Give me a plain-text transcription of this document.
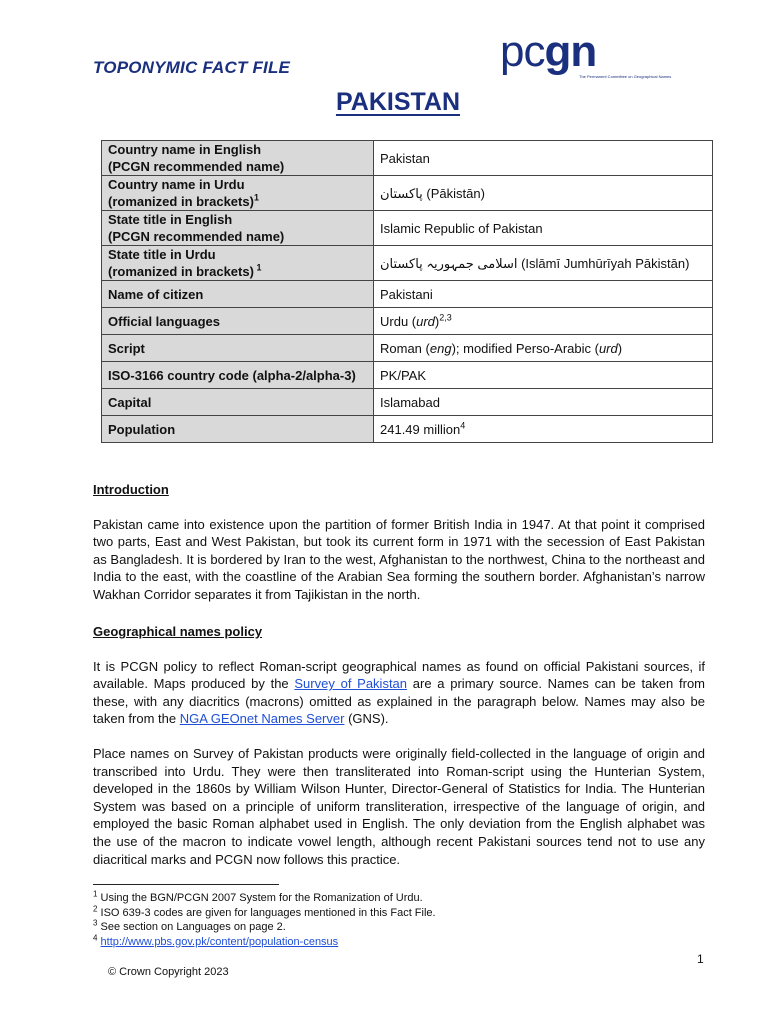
TOPONYMIC FACT FILE	pcgn
The Permanent Committee on Geographical Names
PAKISTAN
Country name in English
(PCGN recommended name)	Pakistan
Country name in Urdu
(romanized in brackets)$^1$	پاکستان (Pākistān)
State title in English
(PCGN recommended name)	Islamic Republic of Pakistan
State title in Urdu
(romanized in brackets) $^1$	اسلامی جمہوریہ پاکستان (Islāmī Jumhūrīyah Pākistān)
Name of citizen	Pakistani
Official languages	Urdu (urd)$^{2,3}$
Script	Roman (eng); modified Perso-Arabic (urd)
ISO-3166 country code (alpha-2/alpha-3)	PK/PAK
Capital	Islamabad
Population	241.49 million$^4$
Introduction

Pakistan came into existence upon the partition of former British India in 1947. At that point it comprised two parts, East and West Pakistan, but took its current form in 1971 with the secession of East Pakistan as Bangladesh. It is bordered by Iran to the west, Afghanistan to the northwest, China to the northeast and India to the east, with the coastline of the Arabian Sea forming the southern border. Afghanistan’s narrow Wakhan Corridor separates it from Tajikistan in the north.

Geographical names policy

It is PCGN policy to reflect Roman-script geographical names as found on official Pakistani sources, if available. Maps produced by the Survey of Pakistan are a primary source. Names can be taken from these, with any diacritics (macrons) omitted as explained in the paragraph below. Names may also be taken from the NGA GEOnet Names Server (GNS).

Place names on Survey of Pakistan products were originally field-collected in the language of origin and transcribed into Urdu. They were then transliterated into Roman-script using the Hunterian System, developed in the 1860s by William Wilson Hunter, Director-General of Statistics for India. The Hunterian System was based on a principle of uniform transliteration, irrespective of the language of origin, and employed the basic Roman alphabet used in English. The only deviation from the English alphabet was the use of the macron to indicate vowel length, although recent Pakistani sources tend not to use any diacritical marks and PCGN now follows this practice.

$^1$ Using the BGN/PCGN 2007 System for the Romanization of Urdu.
$^2$ ISO 639-3 codes are given for languages mentioned in this Fact File.
$^3$ See section on Languages on page 2.
$^4$ http://www.pbs.gov.pk/content/population-census
1
© Crown Copyright 2023
